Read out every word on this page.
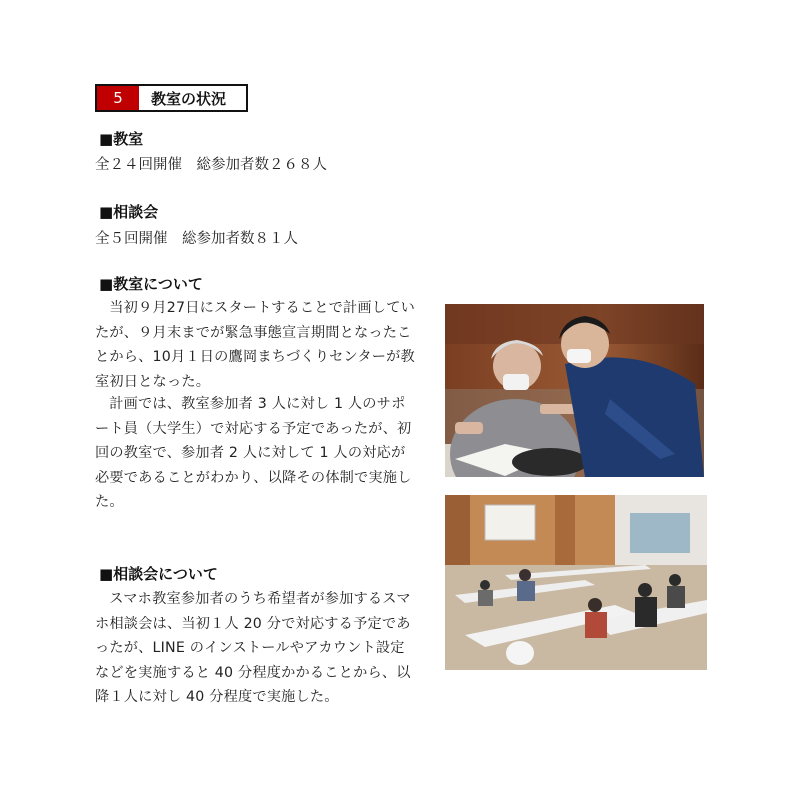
5	教室の状況
■教室
全２４回開催　総参加者数２６８人
■相談会
全５回開催　総参加者数８１人
■教室について

当初９月27日にスタートすることで計画していたが、９月末までが緊急事態宣言期間となったことから、10月１日の鷹岡まちづくりセンターが教室初日となった。

計画では、教室参加者 3 人に対し 1 人のサポート員（大学生）で対応する予定であったが、初回の教室で、参加者 2 人に対して 1 人の対応が必要であることがわかり、以降その体制で実施した。

■相談会について

スマホ教室参加者のうち希望者が参加するスマホ相談会は、当初１人 20 分で対応する予定であったが、LINE のインストールやアカウント設定などを実施すると 40 分程度かかることから、以降１人に対し 40 分程度で実施した。
